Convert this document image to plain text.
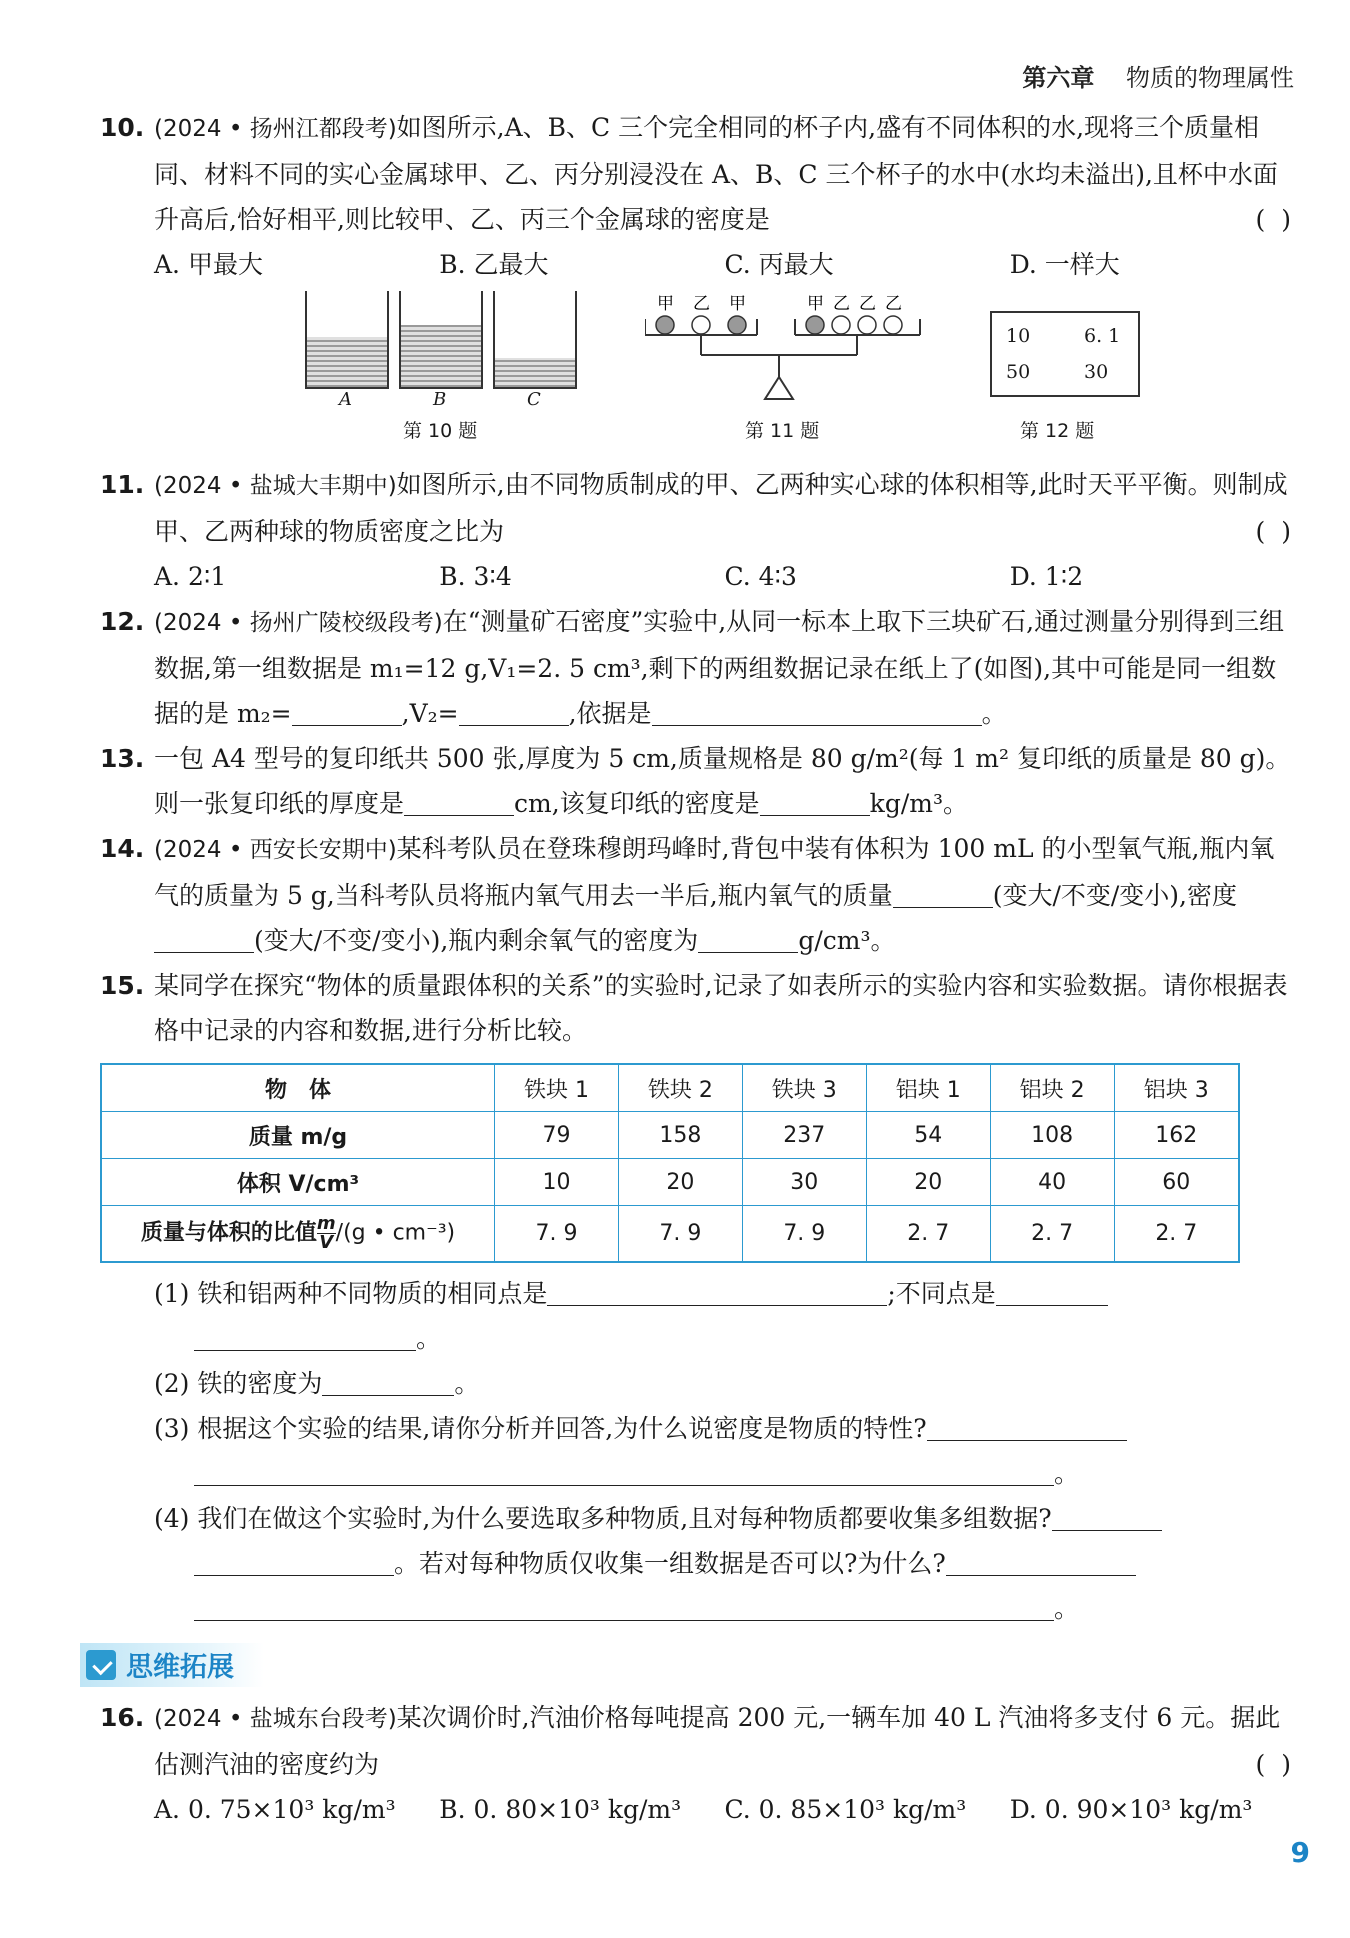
第六章 物质的物理属性
10. (2024 • 扬州江都段考)如图所示,A、B、C 三个完全相同的杯子内,盛有不同体积的水,现将三个质量相同、材料不同的实心金属球甲、乙、丙分别浸没在 A、B、C 三个杯子的水中(水均未溢出),且杯中水面升高后,恰好相平,则比较甲、乙、丙三个金属球的密度是	( )
A. 甲最大	B. 乙最大	C. 丙最大	D. 一样大
A	B	C
第 10 题
甲 乙 甲	甲 乙 乙 乙
第 11 题
10	6. 1
50	30
第 12 题
11. (2024 • 盐城大丰期中)如图所示,由不同物质制成的甲、乙两种实心球的体积相等,此时天平平衡。则制成甲、乙两种球的物质密度之比为	( )
A. 2∶1	B. 3∶4	C. 4∶3	D. 1∶2
12. (2024 • 扬州广陵校级段考)在“测量矿石密度”实验中,从同一标本上取下三块矿石,通过测量分别得到三组数据,第一组数据是 m₁=12 g,V₁=2. 5 cm³,剩下的两组数据记录在纸上了(如图),其中可能是同一组数据的是 m₂=	,V₂=	,依据是	。
13. 一包 A4 型号的复印纸共 500 张,厚度为 5 cm,质量规格是 80 g/m²(每 1 m² 复印纸的质量是 80 g)。则一张复印纸的厚度是	cm,该复印纸的密度是	kg/m³。
14. (2024 • 西安长安期中)某科考队员在登珠穆朗玛峰时,背包中装有体积为 100 mL 的小型氧气瓶,瓶内氧气的质量为 5 g,当科考队员将瓶内氧气用去一半后,瓶内氧气的质量	(变大/不变/变小),密度(变大/不变/变小),瓶内剩余氧气的密度为	g/cm³。
15. 某同学在探究“物体的质量跟体积的关系”的实验时,记录了如表所示的实验内容和实验数据。请你根据表格中记录的内容和数据,进行分析比较。
物　体	铁块 1	铁块 2	铁块 3	铝块 1	铝块 2	铝块 3
质量 m/g	79	158	237	54	108	162
体积 V/cm³	10	20	30	20	40	60
质量与体积的比值 $\frac{m}{V}/(g$ • cm⁻³)	7. 9	7. 9	7. 9	2. 7	2. 7	2. 7
(1) 铁和铝两种不同物质的相同点是	;不同点是
。
(2) 铁的密度为	。
(3) 根据这个实验的结果,请你分析并回答,为什么说密度是物质的特性?
。
(4) 我们在做这个实验时,为什么要选取多种物质,且对每种物质都要收集多组数据?
。若对每种物质仅收集一组数据是否可以?为什么?
。
思维拓展
16. (2024 • 盐城东台段考)某次调价时,汽油价格每吨提高 200 元,一辆车加 40 L 汽油将多支付 6 元。据此估测汽油的密度约为	( )
A. 0. 75×10³ kg/m³	B. 0. 80×10³ kg/m³	C. 0. 85×10³ kg/m³	D. 0. 90×10³ kg/m³
9
